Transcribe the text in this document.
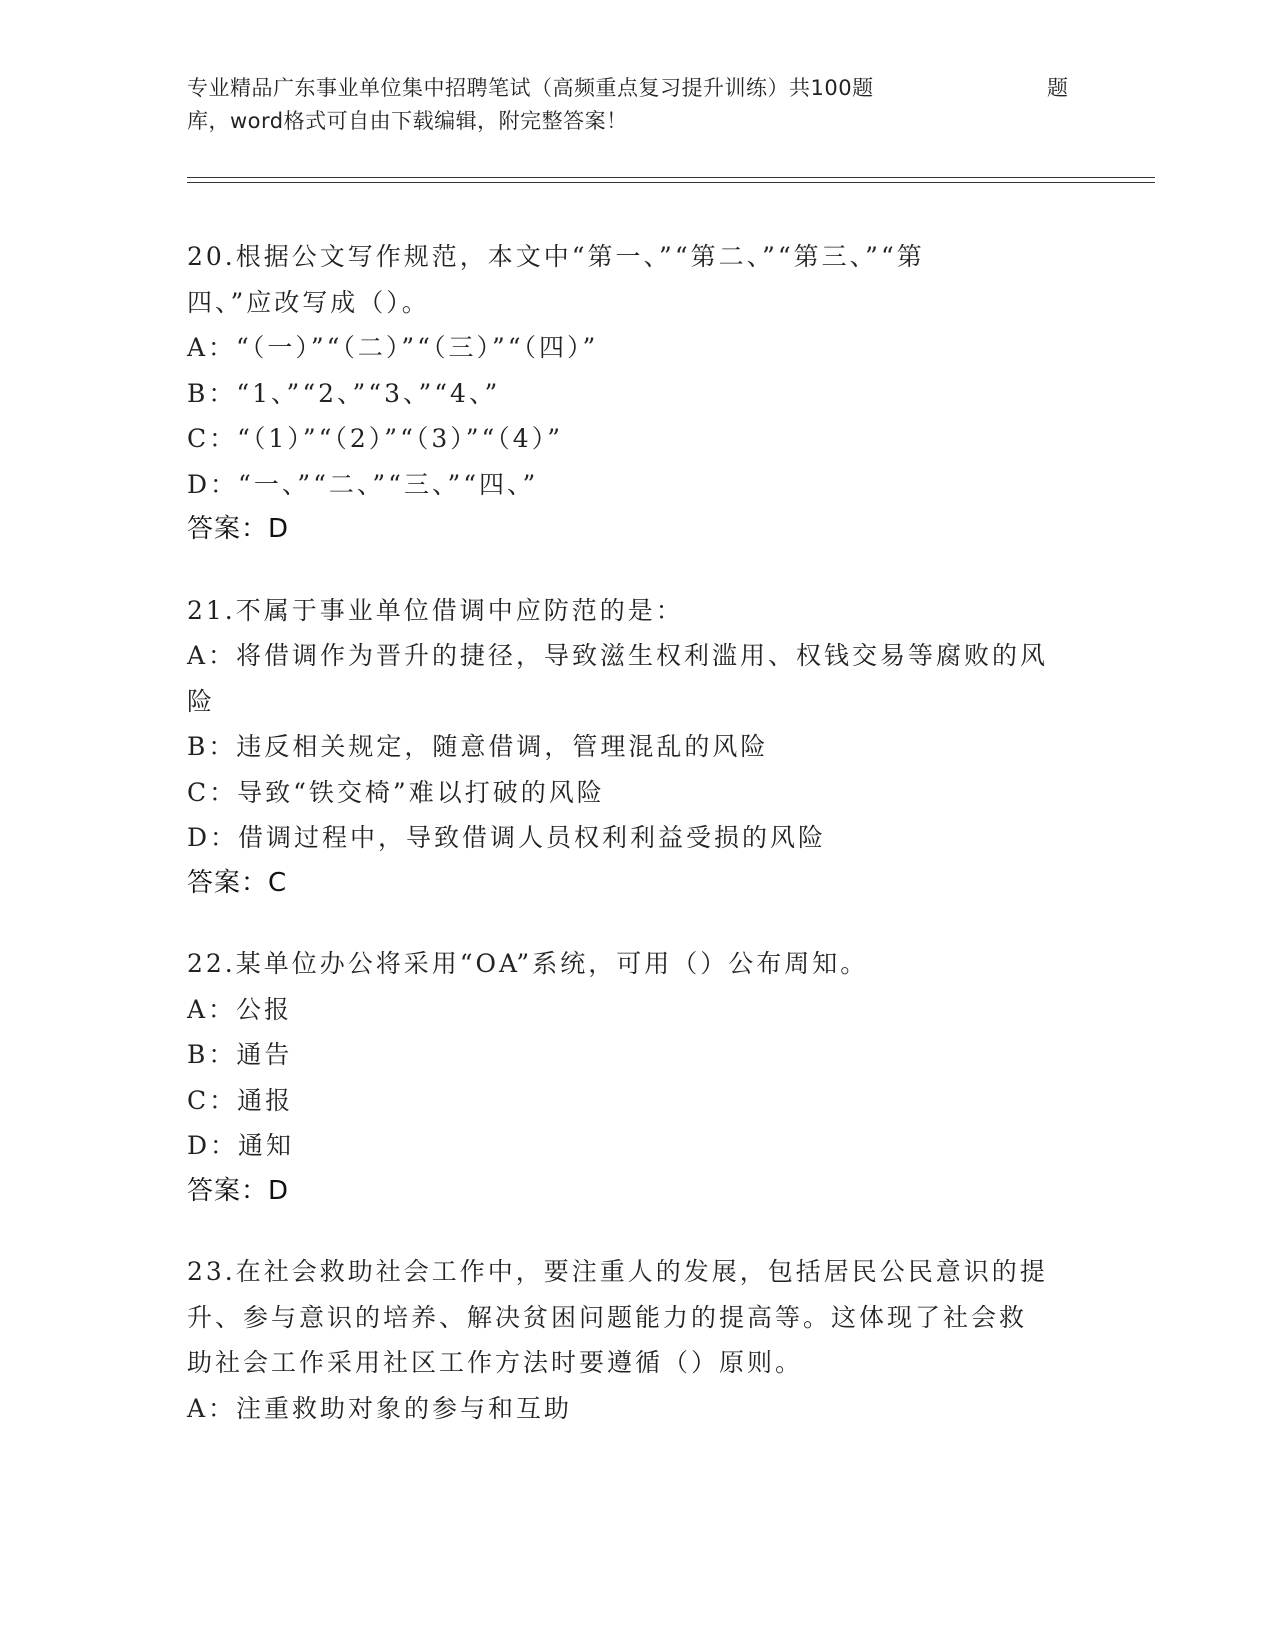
专业精品广东事业单位集中招聘笔试（高频重点复习提升训练）共100题	题
库，word格式可自由下载编辑，附完整答案！

20.根据公文写作规范，本文中“第一、”“第二、”“第三、”“第

四、”应改写成（）。

A：“（一）”“（二）”“（三）”“（四）”

B：“1、”“2、”“3、”“4、”

C：“（1）”“（2）”“（3）”“（4）”

D：“一、”“二、”“三、”“四、”

答案：D

21.不属于事业单位借调中应防范的是：

A：将借调作为晋升的捷径，导致滋生权利滥用、权钱交易等腐败的风

险

B：违反相关规定，随意借调，管理混乱的风险

C：导致“铁交椅”难以打破的风险

D：借调过程中，导致借调人员权利利益受损的风险

答案：C

22.某单位办公将采用“OA”系统，可用（）公布周知。

A：公报

B：通告

C：通报

D：通知

答案：D

23.在社会救助社会工作中，要注重人的发展，包括居民公民意识的提

升、参与意识的培养、解决贫困问题能力的提高等。这体现了社会救

助社会工作采用社区工作方法时要遵循（）原则。

A：注重救助对象的参与和互助
